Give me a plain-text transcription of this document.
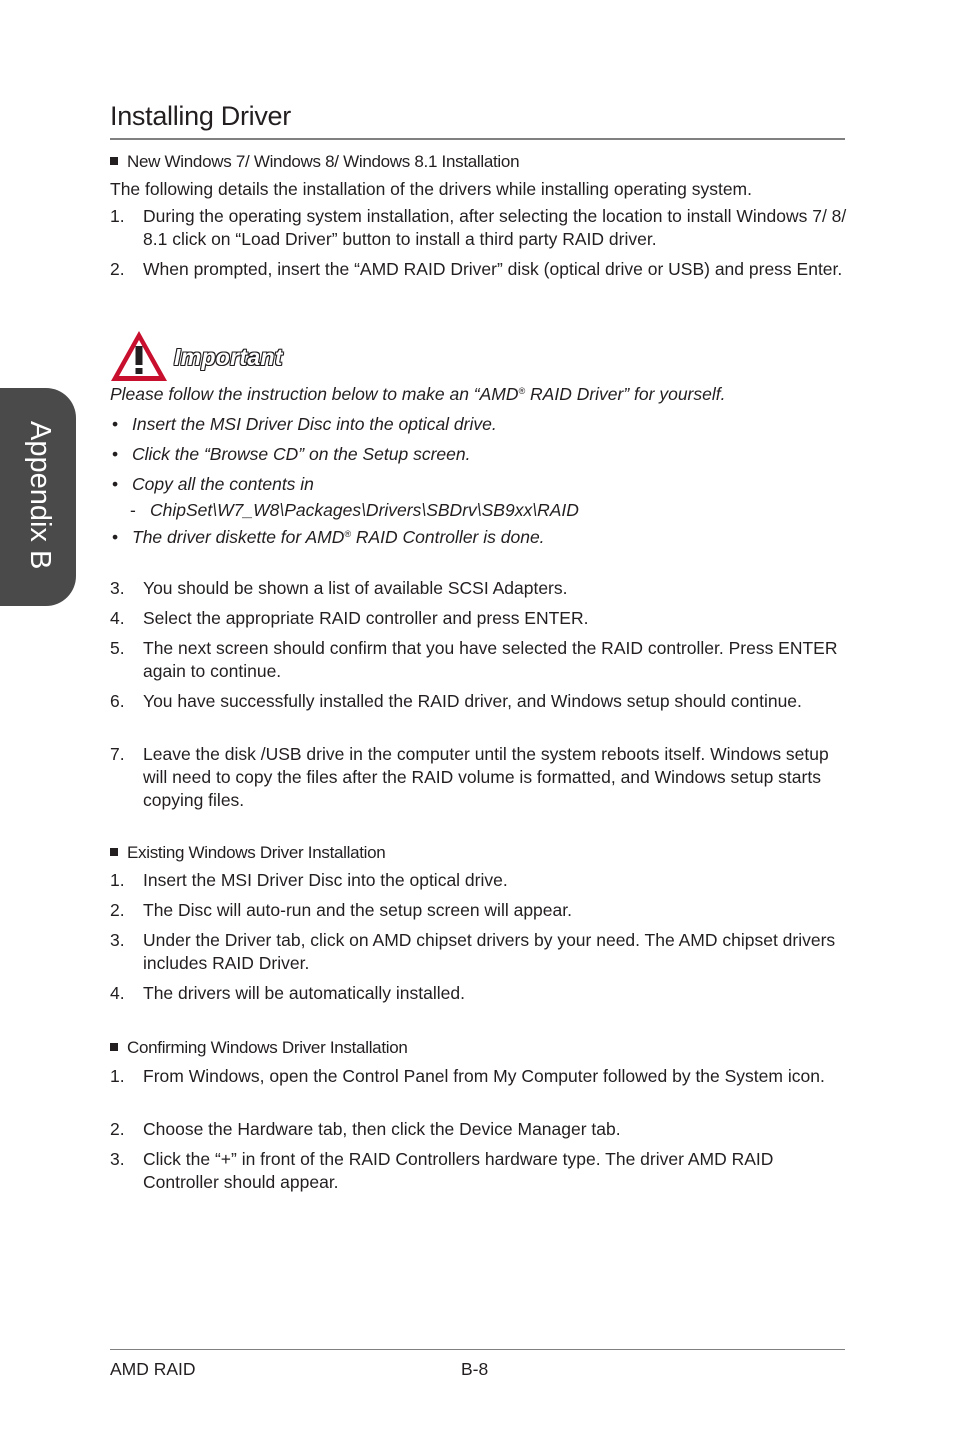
Appendix B
Installing Driver
New Windows 7/ Windows 8/ Windows 8.1 Installation
The following details the installation of the drivers while installing operating system.
1. During the operating system installation, after selecting the location to install Windows 7/ 8/ 8.1 click on “Load Driver” button to install a third party RAID driver.
2. When prompted, insert the “AMD RAID Driver” disk (optical drive or USB) and press Enter.
Important
Please follow the instruction below to make an “AMD® RAID Driver” for yourself.
• Insert the MSI Driver Disc into the optical drive.
• Click the “Browse CD” on the Setup screen.
• Copy all the contents in
- ChipSet\W7_W8\Packages\Drivers\SBDrv\SB9xx\RAID
• The driver diskette for AMD® RAID Controller is done.
3. You should be shown a list of available SCSI Adapters.
4. Select the appropriate RAID controller and press ENTER.
5. The next screen should confirm that you have selected the RAID controller. Press ENTER again to continue.
6. You have successfully installed the RAID driver, and Windows setup should continue.
7. Leave the disk /USB drive in the computer until the system reboots itself. Windows setup will need to copy the files after the RAID volume is formatted, and Windows setup starts copying files.
Existing Windows Driver Installation
1. Insert the MSI Driver Disc into the optical drive.
2. The Disc will auto-run and the setup screen will appear.
3. Under the Driver tab, click on AMD chipset drivers by your need. The AMD chipset drivers includes RAID Driver.
4. The drivers will be automatically installed.
Confirming Windows Driver Installation
1. From Windows, open the Control Panel from My Computer followed by the System icon.
2. Choose the Hardware tab, then click the Device Manager tab.
3. Click the “+” in front of the RAID Controllers hardware type. The driver AMD RAID Controller should appear.
AMD RAID	B-8
